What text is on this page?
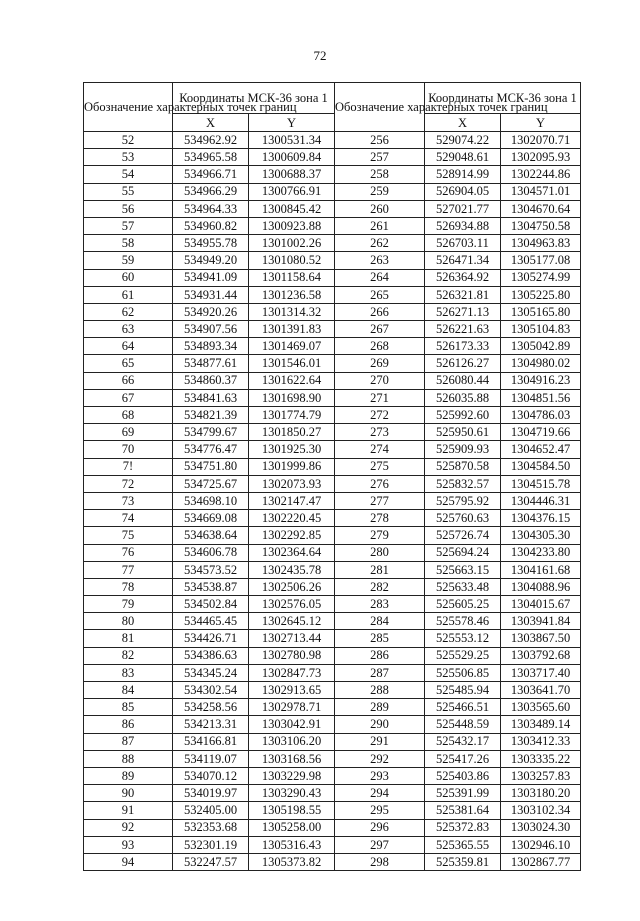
72
Обозначение характерных точек границ	Координаты МСК-36 зона 1		Обозначение характерных точек границ	Координаты МСК-36 зона 1	
	X	Y		X	Y
52	534962.92	1300531.34	256	529074.22	1302070.71
53	534965.58	1300609.84	257	529048.61	1302095.93
54	534966.71	1300688.37	258	528914.99	1302244.86
55	534966.29	1300766.91	259	526904.05	1304571.01
56	534964.33	1300845.42	260	527021.77	1304670.64
57	534960.82	1300923.88	261	526934.88	1304750.58
58	534955.78	1301002.26	262	526703.11	1304963.83
59	534949.20	1301080.52	263	526471.34	1305177.08
60	534941.09	1301158.64	264	526364.92	1305274.99
61	534931.44	1301236.58	265	526321.81	1305225.80
62	534920.26	1301314.32	266	526271.13	1305165.80
63	534907.56	1301391.83	267	526221.63	1305104.83
64	534893.34	1301469.07	268	526173.33	1305042.89
65	534877.61	1301546.01	269	526126.27	1304980.02
66	534860.37	1301622.64	270	526080.44	1304916.23
67	534841.63	1301698.90	271	526035.88	1304851.56
68	534821.39	1301774.79	272	525992.60	1304786.03
69	534799.67	1301850.27	273	525950.61	1304719.66
70	534776.47	1301925.30	274	525909.93	1304652.47
7!	534751.80	1301999.86	275	525870.58	1304584.50
72	534725.67	1302073.93	276	525832.57	1304515.78
73	534698.10	1302147.47	277	525795.92	1304446.31
74	534669.08	1302220.45	278	525760.63	1304376.15
75	534638.64	1302292.85	279	525726.74	1304305.30
76	534606.78	1302364.64	280	525694.24	1304233.80
77	534573.52	1302435.78	281	525663.15	1304161.68
78	534538.87	1302506.26	282	525633.48	1304088.96
79	534502.84	1302576.05	283	525605.25	1304015.67
80	534465.45	1302645.12	284	525578.46	1303941.84
81	534426.71	1302713.44	285	525553.12	1303867.50
82	534386.63	1302780.98	286	525529.25	1303792.68
83	534345.24	1302847.73	287	525506.85	1303717.40
84	534302.54	1302913.65	288	525485.94	1303641.70
85	534258.56	1302978.71	289	525466.51	1303565.60
86	534213.31	1303042.91	290	525448.59	1303489.14
87	534166.81	1303106.20	291	525432.17	1303412.33
88	534119.07	1303168.56	292	525417.26	1303335.22
89	534070.12	1303229.98	293	525403.86	1303257.83
90	534019.97	1303290.43	294	525391.99	1303180.20
91	532405.00	1305198.55	295	525381.64	1303102.34
92	532353.68	1305258.00	296	525372.83	1303024.30
93	532301.19	1305316.43	297	525365.55	1302946.10
94	532247.57	1305373.82	298	525359.81	1302867.77
